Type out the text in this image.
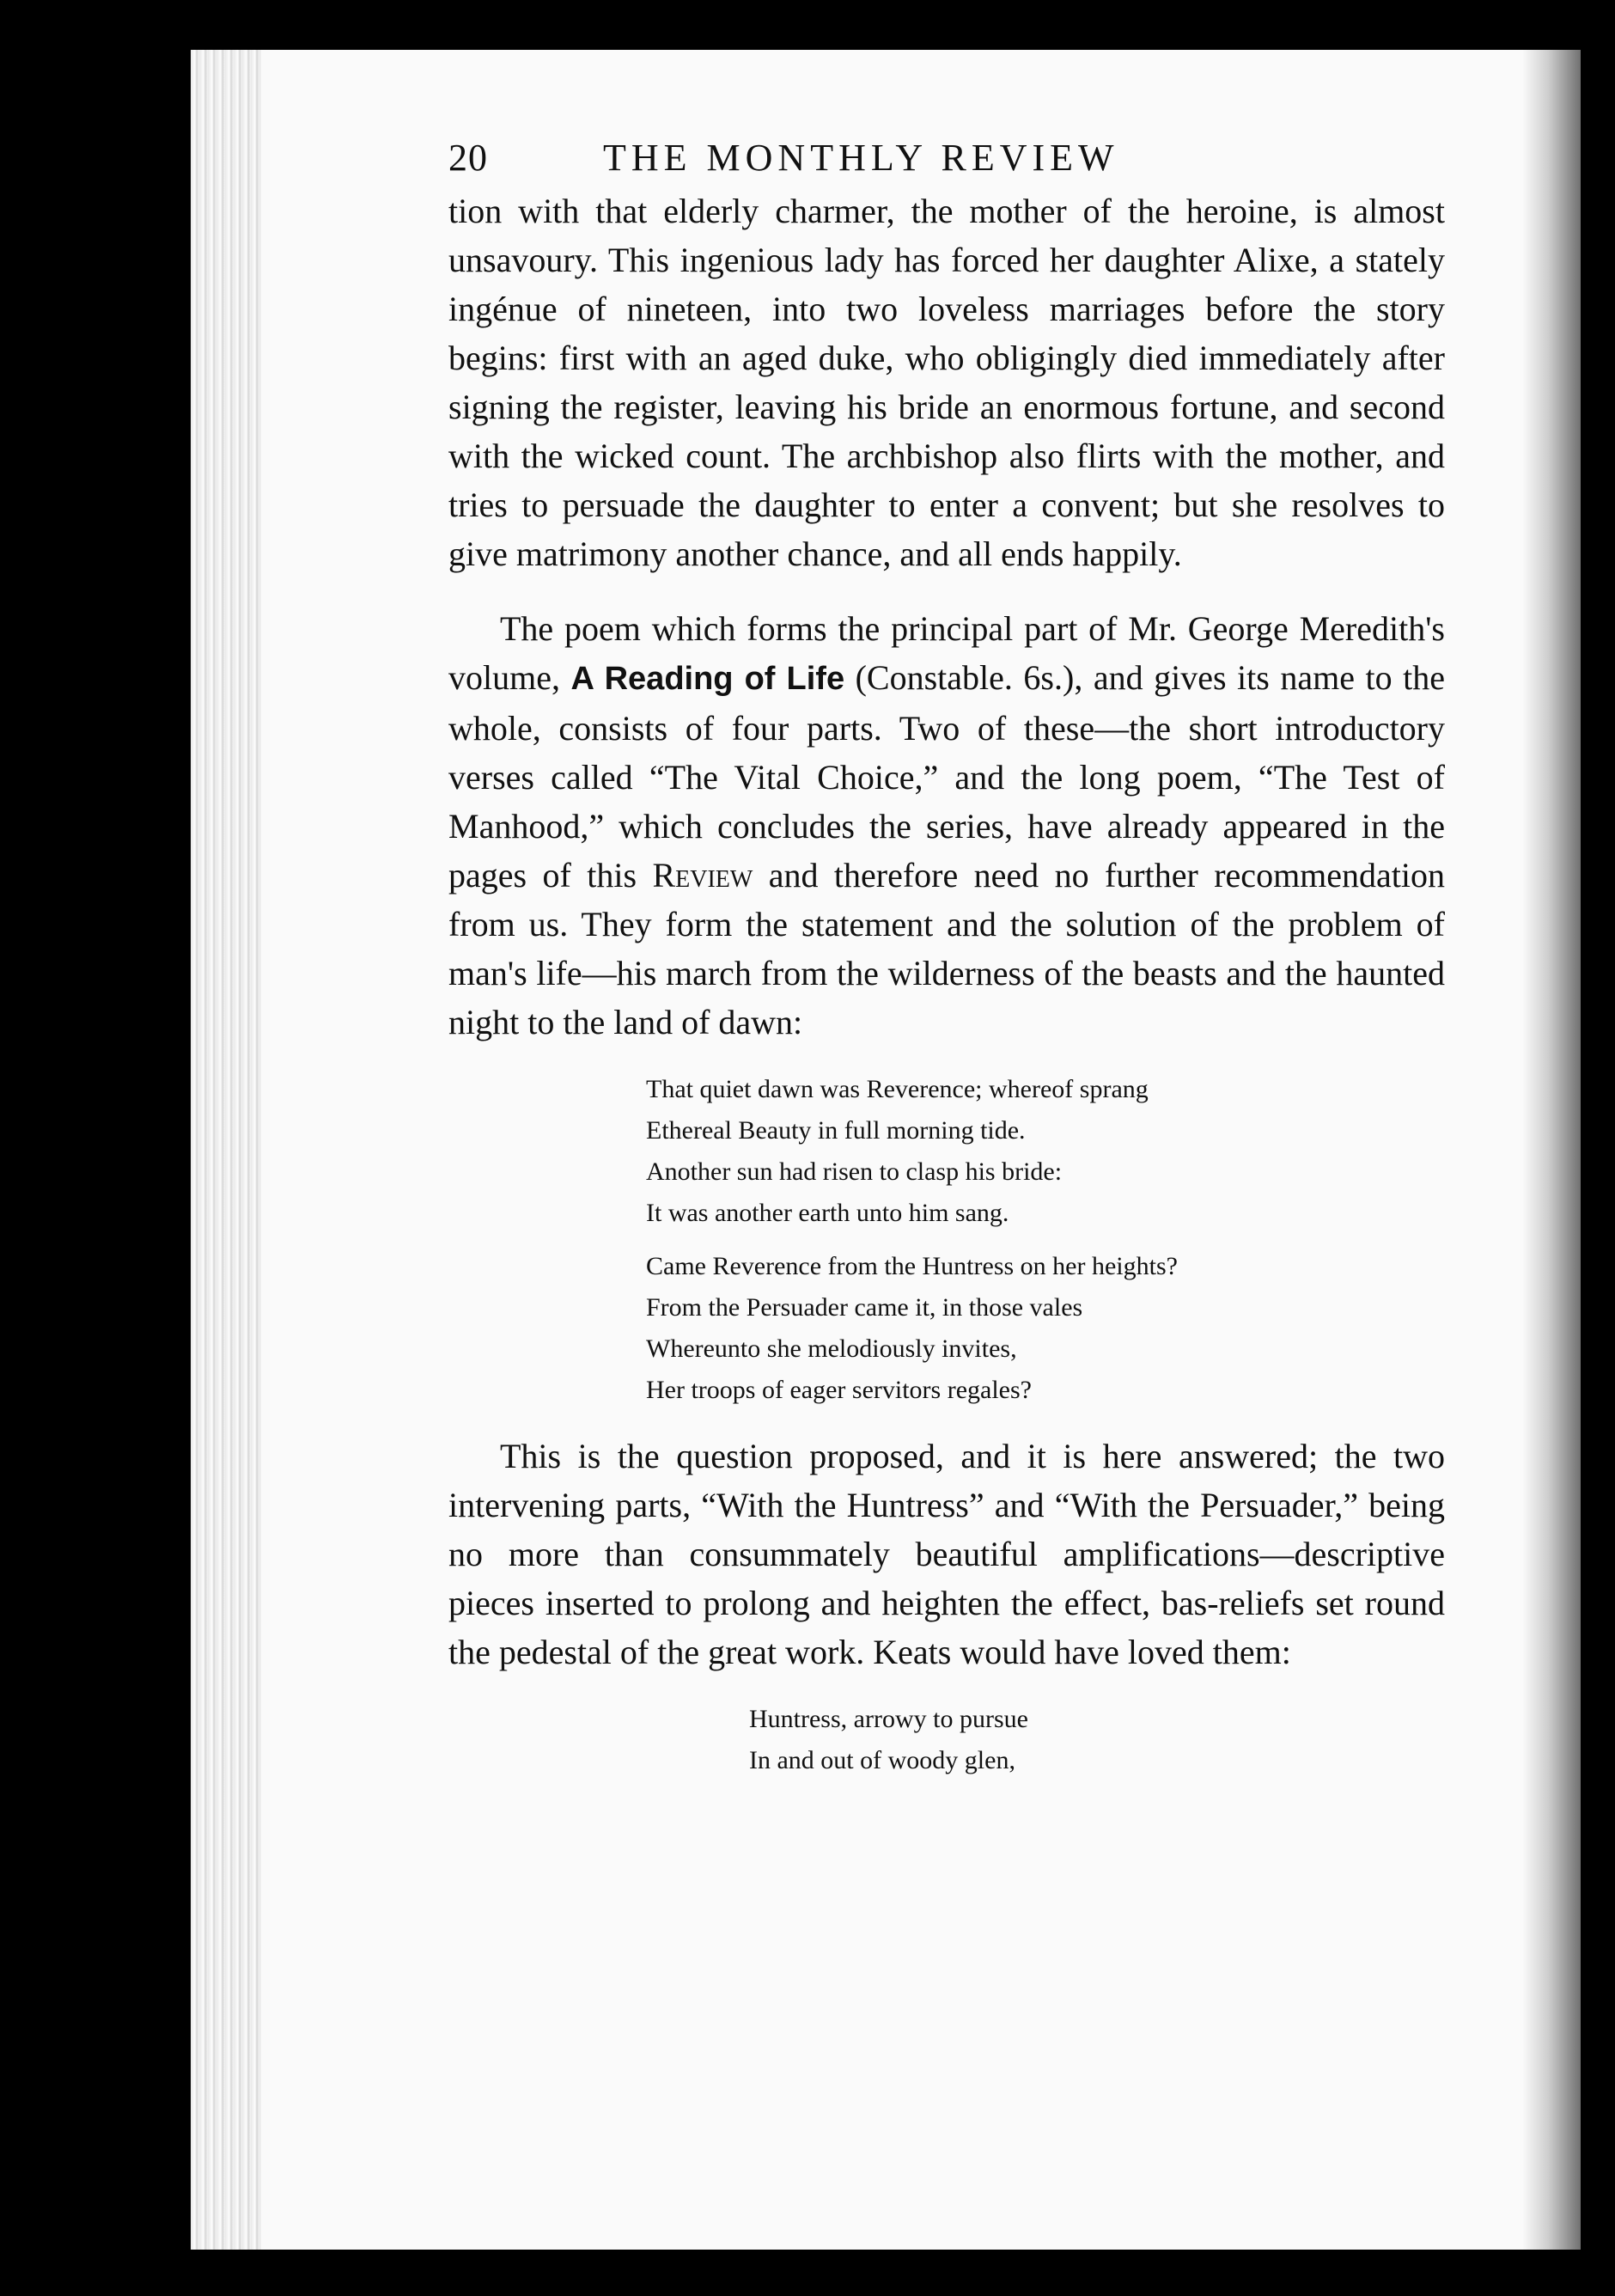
20	THE MONTHLY REVIEW

tion with that elderly charmer, the mother of the heroine, is almost unsavoury. This ingenious lady has forced her daughter Alixe, a stately ingénue of nineteen, into two loveless marriages before the story begins: first with an aged duke, who obligingly died immediately after signing the register, leaving his bride an enormous fortune, and second with the wicked count. The archbishop also flirts with the mother, and tries to persuade the daughter to enter a convent; but she resolves to give matrimony another chance, and all ends happily.

The poem which forms the principal part of Mr. George Meredith's volume, A Reading of Life (Constable. 6s.), and gives its name to the whole, consists of four parts. Two of these—the short introductory verses called “The Vital Choice,” and the long poem, “The Test of Manhood,” which concludes the series, have already appeared in the pages of this Review and therefore need no further recommendation from us. They form the statement and the solution of the problem of man's life—his march from the wilderness of the beasts and the haunted night to the land of dawn:

That quiet dawn was Reverence; whereof sprang
Ethereal Beauty in full morning tide.
Another sun had risen to clasp his bride:
It was another earth unto him sang.
Came Reverence from the Huntress on her heights?
From the Persuader came it, in those vales
Whereunto she melodiously invites,
Her troops of eager servitors regales?

This is the question proposed, and it is here answered; the two intervening parts, “With the Huntress” and “With the Persuader,” being no more than consummately beautiful amplifications—descriptive pieces inserted to prolong and heighten the effect, bas-reliefs set round the pedestal of the great work. Keats would have loved them:

Huntress, arrowy to pursue
In and out of woody glen,
